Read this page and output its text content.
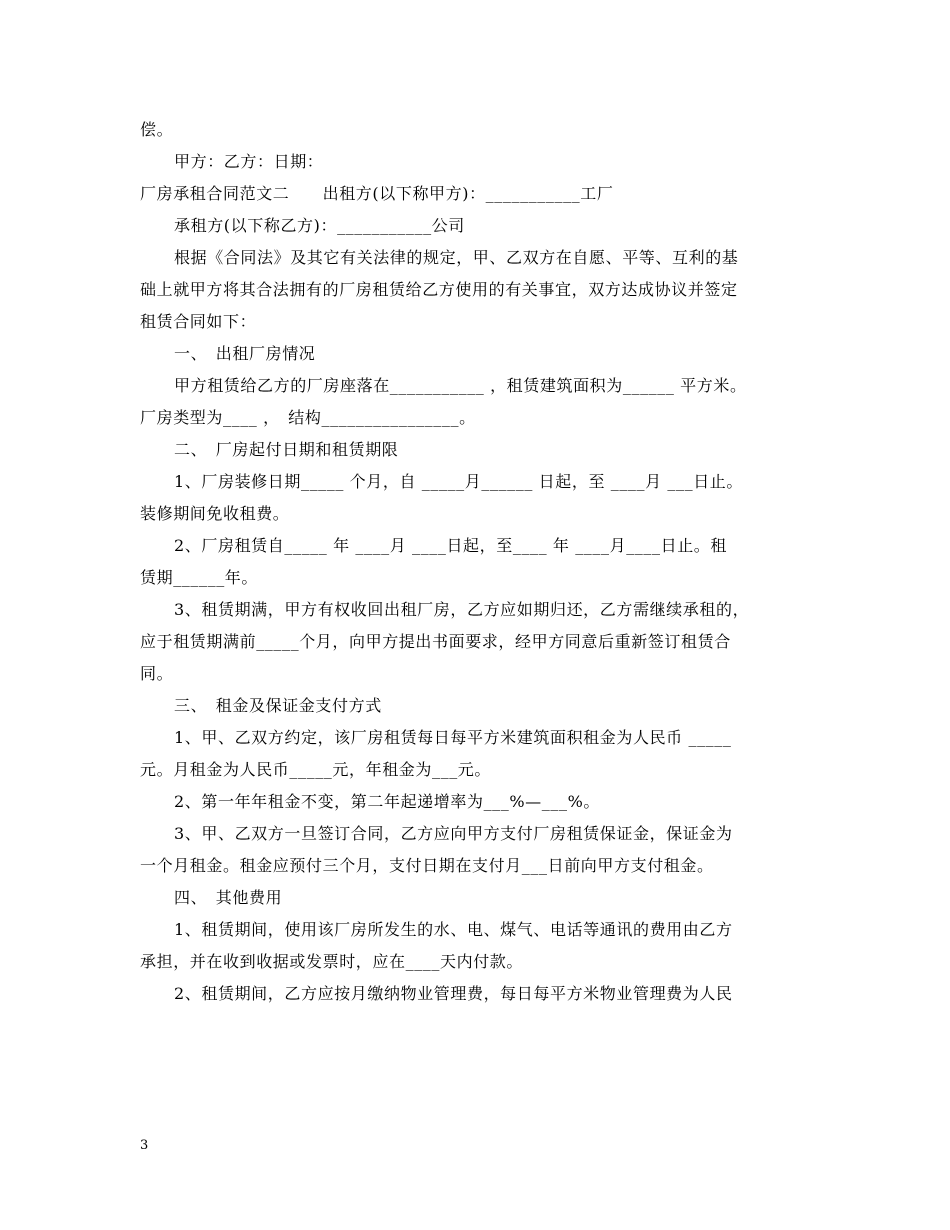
偿。
甲方：乙方：日期：
厂房承租合同范文二　　出租方(以下称甲方)：___________工厂
承租方(以下称乙方)：___________公司
根据《合同法》及其它有关法律的规定，甲、乙双方在自愿、平等、互利的基
础上就甲方将其合法拥有的厂房租赁给乙方使用的有关事宜，双方达成协议并签定
租赁合同如下：
一、　出租厂房情况
甲方租赁给乙方的厂房座落在___________ ，租赁建筑面积为______ 平方米。
厂房类型为____ ，　结构________________。
二、　厂房起付日期和租赁期限
1、厂房装修日期_____ 个月，自 _____月______ 日起，至 ____月 ___日止。
装修期间免收租费。
2、厂房租赁自_____ 年 ____月 ____日起，至____ 年 ____月____日止。租
赁期______年。
3、租赁期满，甲方有权收回出租厂房，乙方应如期归还，乙方需继续承租的，
应于租赁期满前_____个月，向甲方提出书面要求，经甲方同意后重新签订租赁合
同。
三、　租金及保证金支付方式
1、甲、乙双方约定，该厂房租赁每日每平方米建筑面积租金为人民币 _____
元。月租金为人民币_____元，年租金为___元。
2、第一年年租金不变，第二年起递增率为___%—___%。
3、甲、乙双方一旦签订合同，乙方应向甲方支付厂房租赁保证金，保证金为
一个月租金。租金应预付三个月，支付日期在支付月___日前向甲方支付租金。
四、　其他费用
1、租赁期间，使用该厂房所发生的水、电、煤气、电话等通讯的费用由乙方
承担，并在收到收据或发票时，应在____天内付款。
2、租赁期间，乙方应按月缴纳物业管理费，每日每平方米物业管理费为人民
3
